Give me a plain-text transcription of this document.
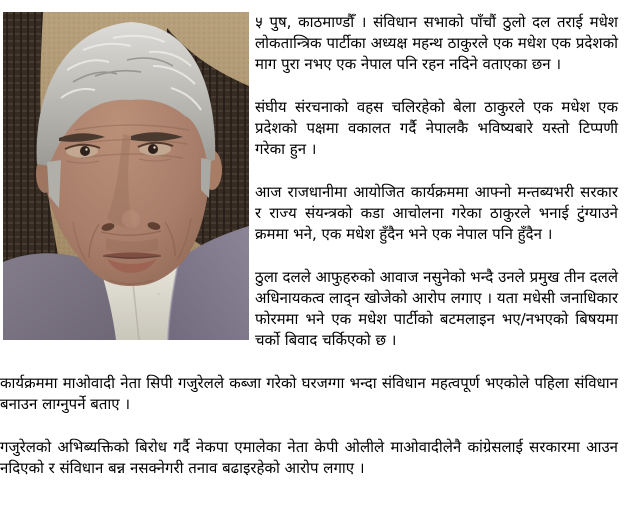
५ पुष, काठमाण्डौँ । संविधान सभाको पाँचौं ठुलो दल तराई मधेश लोकतान्त्रिक पार्टीका अध्यक्ष महन्थ ठाकुरले एक मधेश एक प्रदेशको माग पुरा नभए एक नेपाल पनि रहन नदिने वताएका छन ।

संघीय संरचनाको वहस चलिरहेको बेला ठाकुरले एक मधेश एक प्रदेशको पक्षमा वकालत गर्दै नेपालकै भविष्यबारे यस्तो टिप्पणी गरेका हुन ।

आज राजधानीमा आयोजित कार्यक्रममा आफ्नो मन्तब्यभरी सरकार र राज्य संयन्त्रको कडा आचोलना गरेका ठाकुरले भनाई टुंग्याउने क्रममा भने, एक मधेश हुँदैन भने एक नेपाल पनि हुँदैन ।

ठुला दलले आफुहरुको आवाज नसुनेको भन्दै उनले प्रमुख तीन दलले अधिनायकत्व लाद्न खोजेको आरोप लगाए । यता मधेसी जनाधिकार फोरममा भने एक मधेश पार्टीको बटमलाइन भए/नभएको बिषयमा चर्को बिवाद चर्किएको छ ।

कार्यक्रममा माओवादी नेता सिपी गजुरेलले कब्जा गरेको घरजग्गा भन्दा संविधान महत्वपूर्ण भएकोले पहिला संविधान बनाउन लाग्नुपर्ने बताए ।

गजुरेलको अभिब्यक्तिको बिरोध गर्दै नेकपा एमालेका नेता केपी ओलीले माओवादीलेनै कांग्रेसलाई सरकारमा आउन नदिएको र संविधान बन्न नसक्नेगरी तनाव बढाइरहेको आरोप लगाए ।
